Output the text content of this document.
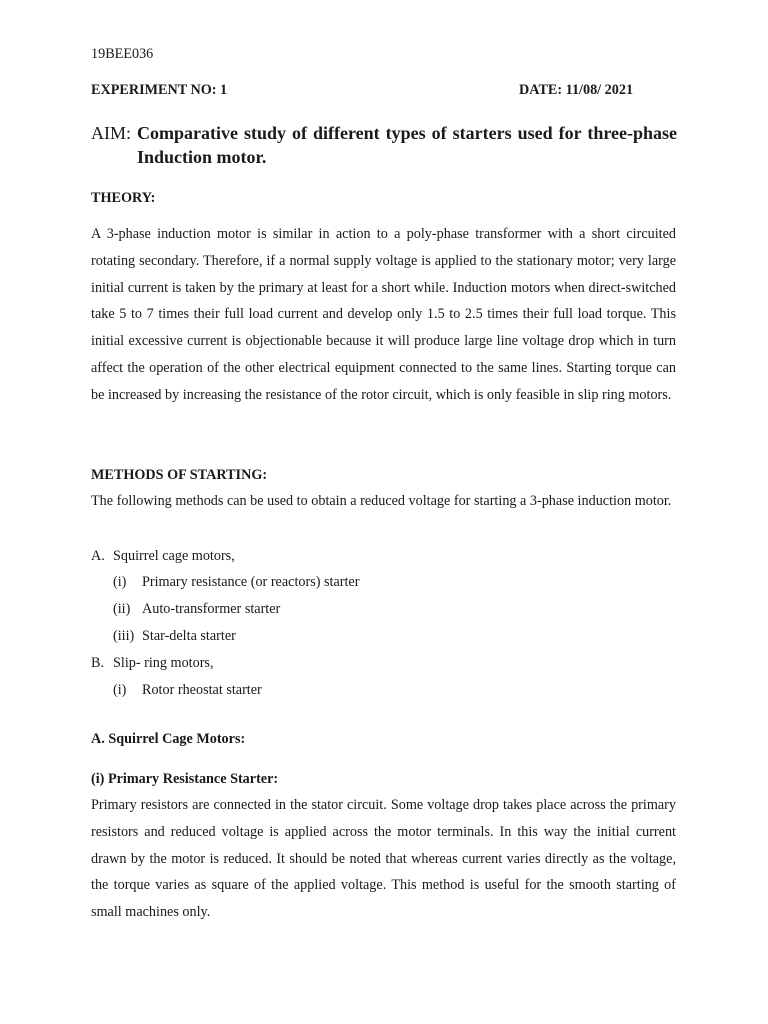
19BEE036
EXPERIMENT NO: 1	DATE: 11/08/ 2021
AIM: Comparative study of different types of starters used for three-phase Induction motor.
THEORY:
A 3-phase induction motor is similar in action to a poly-phase transformer with a short circuited rotating secondary. Therefore, if a normal supply voltage is applied to the stationary motor; very large initial current is taken by the primary at least for a short while. Induction motors when direct-switched take 5 to 7 times their full load current and develop only 1.5 to 2.5 times their full load torque. This initial excessive current is objectionable because it will produce large line voltage drop which in turn affect the operation of the other electrical equipment connected to the same lines. Starting torque can be increased by increasing the resistance of the rotor circuit, which is only feasible in slip ring motors.
METHODS OF STARTING:
The following methods can be used to obtain a reduced voltage for starting a 3-phase induction motor.
A. Squirrel cage motors,
(i) Primary resistance (or reactors) starter
(ii) Auto-transformer starter
(iii) Star-delta starter
B. Slip- ring motors,
(i) Rotor rheostat starter
A. Squirrel Cage Motors:
(i) Primary Resistance Starter:
Primary resistors are connected in the stator circuit. Some voltage drop takes place across the primary resistors and reduced voltage is applied across the motor terminals. In this way the initial current drawn by the motor is reduced. It should be noted that whereas current varies directly as the voltage, the torque varies as square of the applied voltage. This method is useful for the smooth starting of small machines only.
